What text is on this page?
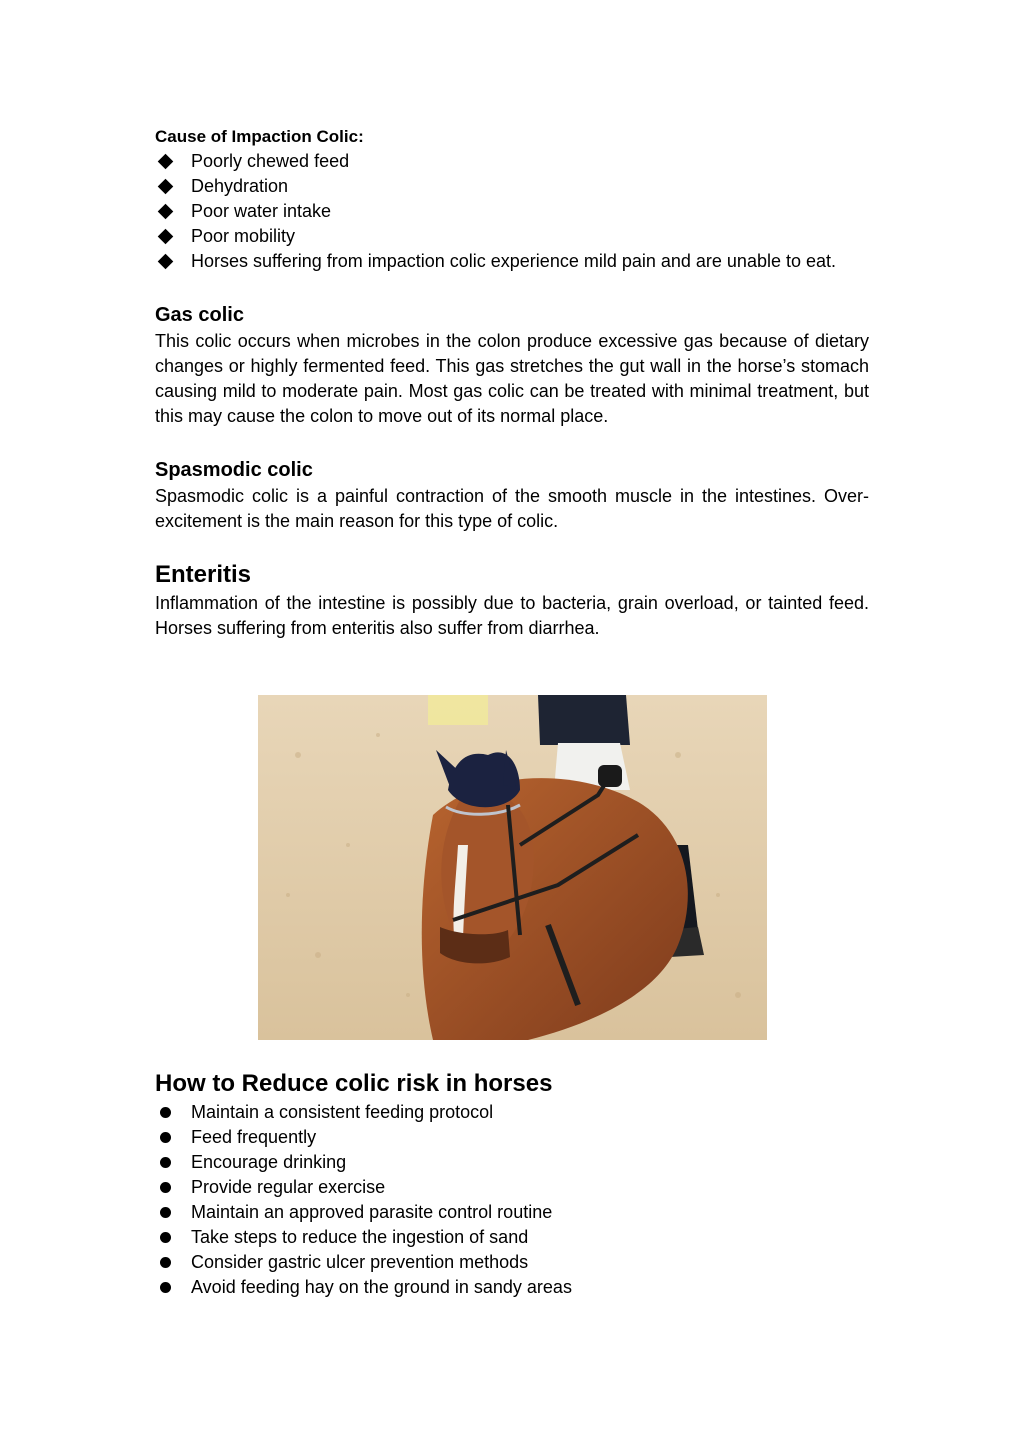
Cause of Impaction Colic:

Poorly chewed feed
Dehydration
Poor water intake
Poor mobility
Horses suffering from impaction colic experience mild pain and are unable to eat.
Gas colic

This colic occurs when microbes in the colon produce excessive gas because of dietary changes or highly fermented feed. This gas stretches the gut wall in the horse’s stomach causing mild to moderate pain. Most gas colic can be treated with minimal treatment, but this may cause the colon to move out of its normal place.

Spasmodic colic

Spasmodic colic is a painful contraction of the smooth muscle in the intestines. Over-excitement is the main reason for this type of colic.

Enteritis

Inflammation of the intestine is possibly due to bacteria, grain overload, or tainted feed. Horses suffering from enteritis also suffer from diarrhea.

How to Reduce colic risk in horses
Maintain a consistent feeding protocol
Feed frequently
Encourage drinking
Provide regular exercise
Maintain an approved parasite control routine
Take steps to reduce the ingestion of sand
Consider gastric ulcer prevention methods
Avoid feeding hay on the ground in sandy areas
